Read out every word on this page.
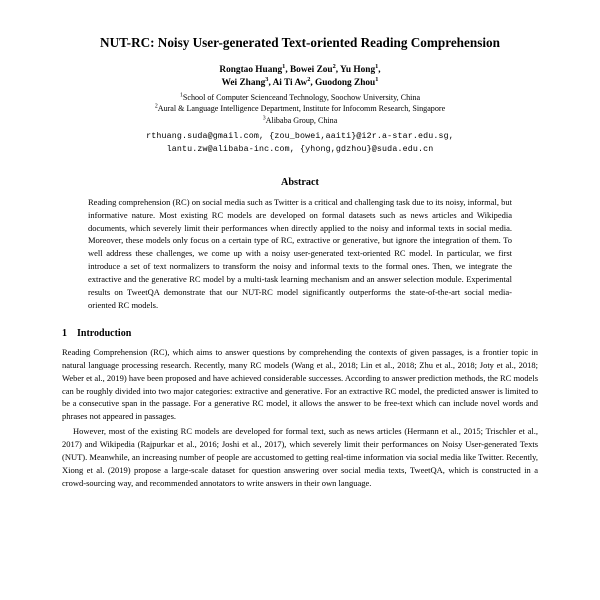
NUT-RC: Noisy User-generated Text-oriented Reading Comprehension
Rongtao Huang$^1$, Bowei Zou$^2$, Yu Hong$^1$,
Wei Zhang$^3$, Ai Ti Aw$^2$, Guodong Zhou$^1$
$^1$School of Computer Scienceand Technology, Soochow University, China
$^2$Aural & Language Intelligence Department, Institute for Infocomm Research, Singapore
$^3$Alibaba Group, China
rthuang.suda@gmail.com, {zou_bowei,aaiti}@i2r.a-star.edu.sg,
lantu.zw@alibaba-inc.com, {yhong,gdzhou}@suda.edu.cn
Abstract
Reading comprehension (RC) on social media such as Twitter is a critical and challenging task due to its noisy, informal, but informative nature. Most existing RC models are developed on formal datasets such as news articles and Wikipedia documents, which severely limit their performances when directly applied to the noisy and informal texts in social media. Moreover, these models only focus on a certain type of RC, extractive or generative, but ignore the integration of them. To well address these challenges, we come up with a noisy user-generated text-oriented RC model. In particular, we first introduce a set of text normalizers to transform the noisy and informal texts to the formal ones. Then, we integrate the extractive and the generative RC model by a multi-task learning mechanism and an answer selection module. Experimental results on TweetQA demonstrate that our NUT-RC model significantly outperforms the state-of-the-art social media-oriented RC models.
1 Introduction

Reading Comprehension (RC), which aims to answer questions by comprehending the contexts of given passages, is a frontier topic in natural language processing research. Recently, many RC models (Wang et al., 2018; Lin et al., 2018; Zhu et al., 2018; Joty et al., 2018; Weber et al., 2019) have been proposed and have achieved considerable successes. According to answer prediction methods, the RC models can be roughly divided into two major categories: extractive and generative. For an extractive RC model, the predicted answer is limited to be a consecutive span in the passage. For a generative RC model, it allows the answer to be free-text which can include novel words and phrases not appeared in passages.

However, most of the existing RC models are developed for formal text, such as news articles (Hermann et al., 2015; Trischler et al., 2017) and Wikipedia (Rajpurkar et al., 2016; Joshi et al., 2017), which severely limit their performances on Noisy User-generated Texts (NUT). Meanwhile, an increasing number of people are accustomed to getting real-time information via social media like Twitter. Recently, Xiong et al. (2019) propose a large-scale dataset for question answering over social media texts, TweetQA, which is constructed in a crowd-sourcing way, and recommended annotators to write answers in their own language.
